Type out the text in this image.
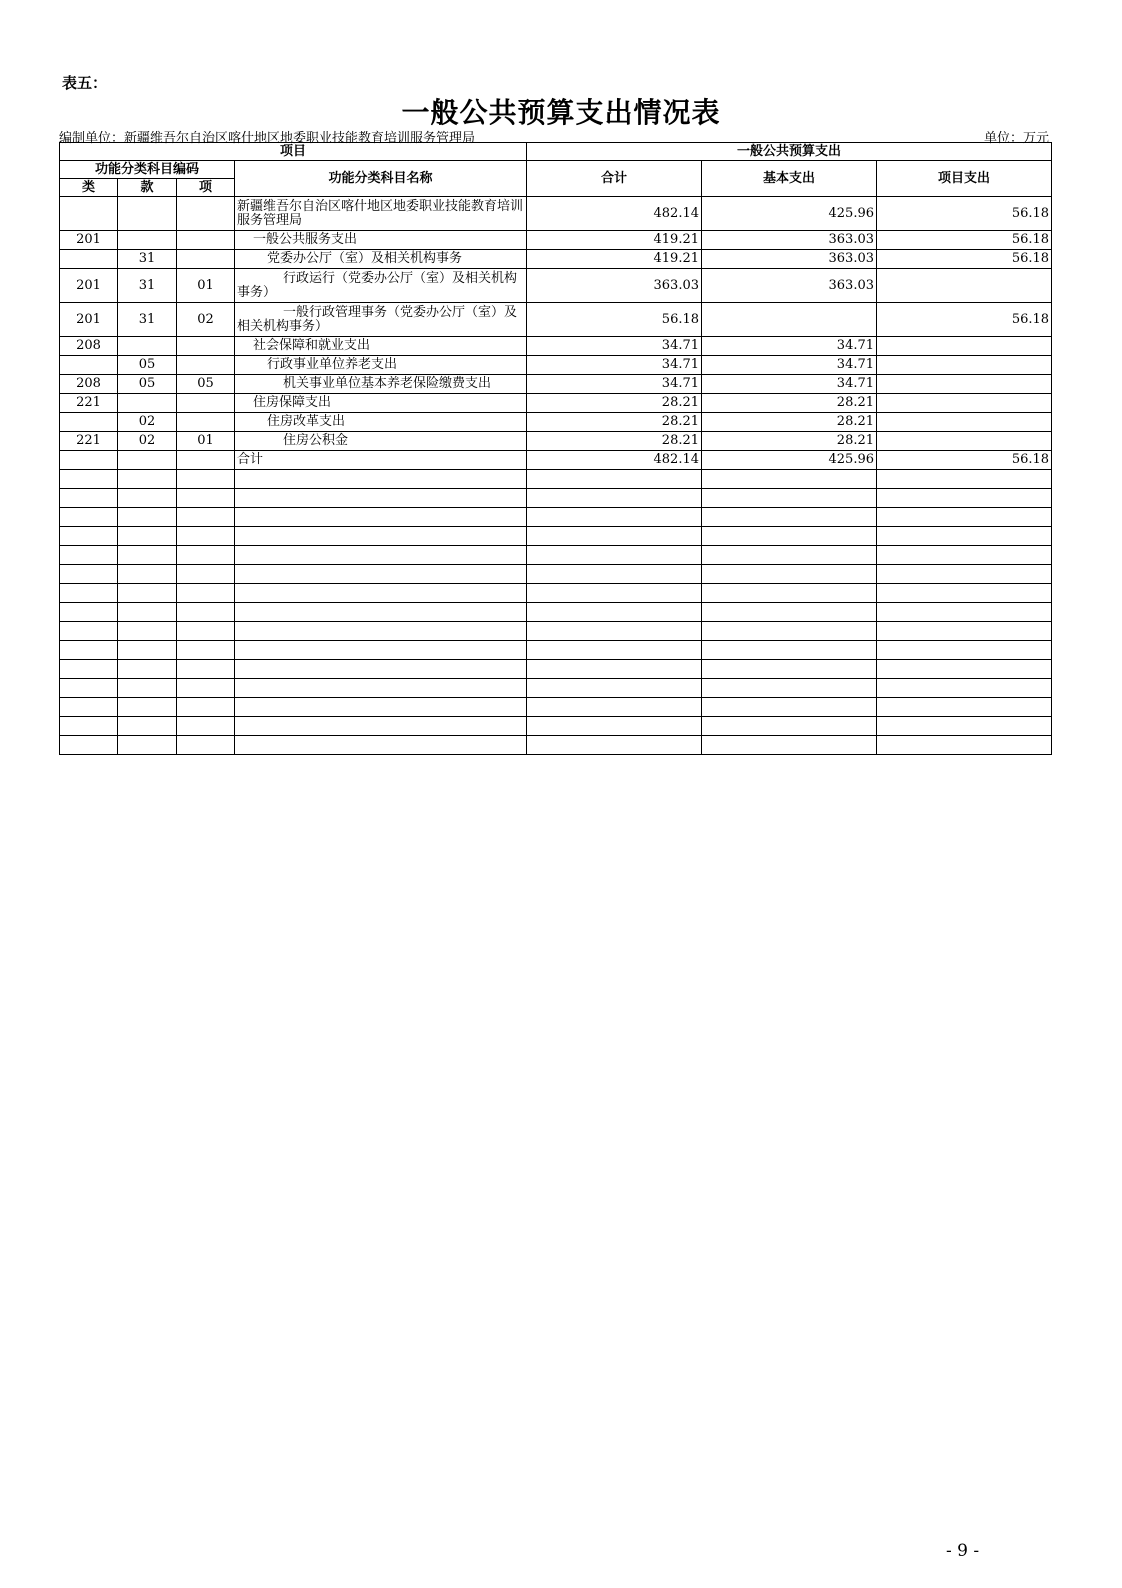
表五：
一般公共预算支出情况表
编制单位：新疆维吾尔自治区喀什地区地委职业技能教育培训服务管理局	单位：万元
项目				一般公共预算支出		
功能分类科目编码			功能分类科目名称	合计	基本支出	项目支出
类	款	项				
			新疆维吾尔自治区喀什地区地委职业技能教育培训服务管理局	482.14	425.96	56.18
201			一般公共服务支出	419.21	363.03	56.18
	31		党委办公厅（室）及相关机构事务	419.21	363.03	56.18
201	31	01	行政运行（党委办公厅（室）及相关机构事务）	363.03	363.03	
201	31	02	一般行政管理事务（党委办公厅（室）及相关机构事务）	56.18		56.18
208			社会保障和就业支出	34.71	34.71	
	05		行政事业单位养老支出	34.71	34.71	
208	05	05	机关事业单位基本养老保险缴费支出	34.71	34.71	
221			住房保障支出	28.21	28.21	
	02		住房改革支出	28.21	28.21	
221	02	01	住房公积金	28.21	28.21	
			合计	482.14	425.96	56.18

- 9 -
